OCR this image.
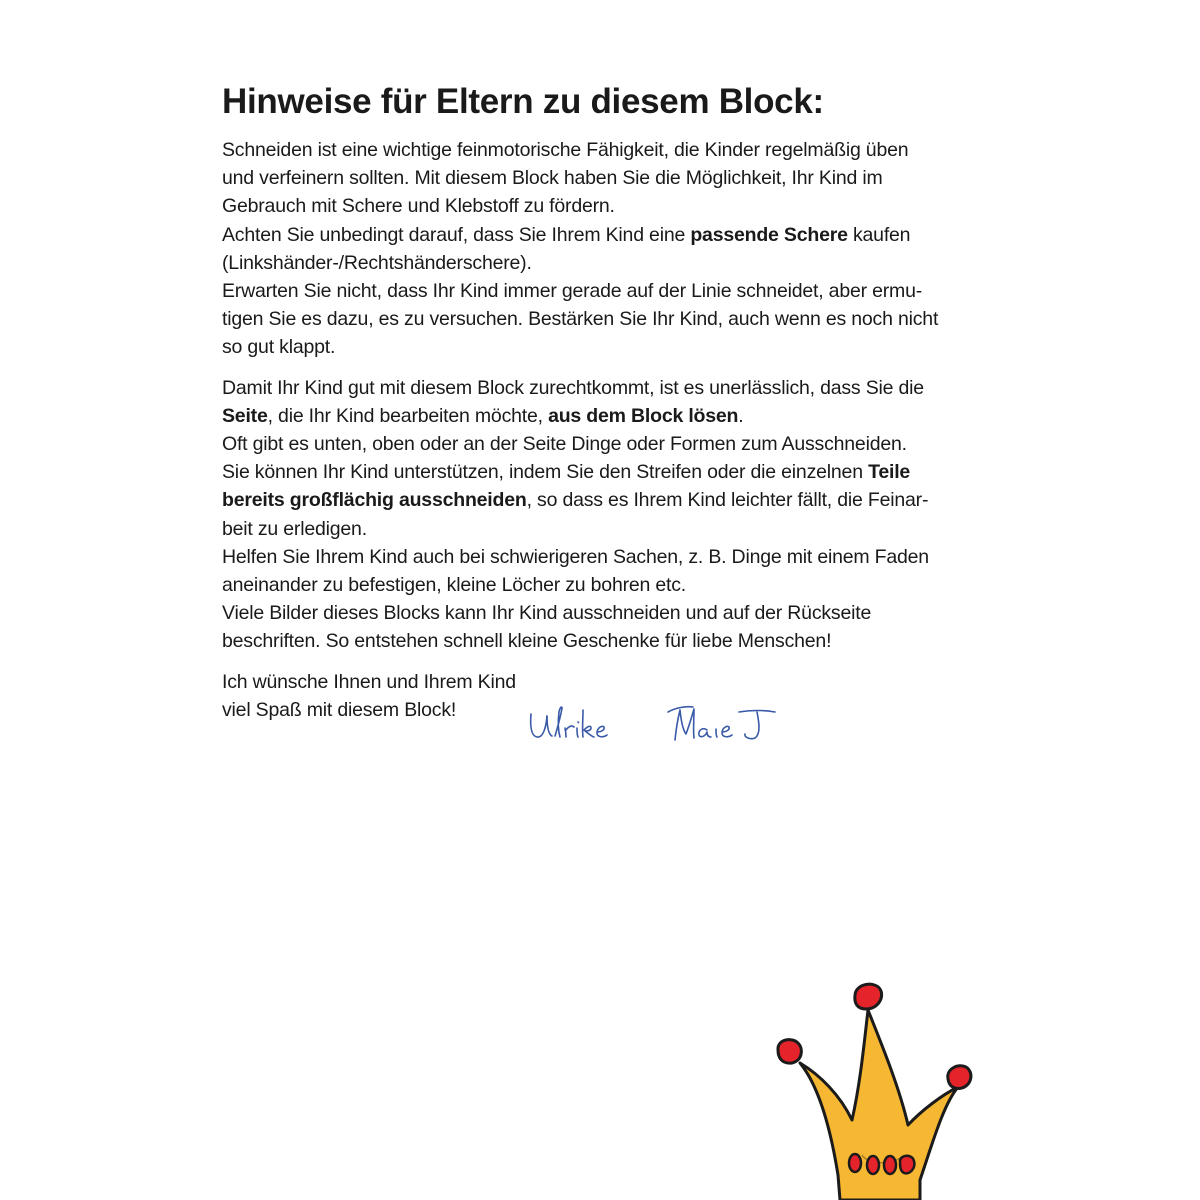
Hinweise für Eltern zu diesem Block:

Schneiden ist eine wichtige feinmotorische Fähigkeit, die Kinder regelmäßig üben
und verfeinern sollten. Mit diesem Block haben Sie die Möglichkeit, Ihr Kind im
Gebrauch mit Schere und Klebstoff zu fördern.
Achten Sie unbedingt darauf, dass Sie Ihrem Kind eine passende Schere kaufen
(Linkshänder-/Rechtshänderschere).
Erwarten Sie nicht, dass Ihr Kind immer gerade auf der Linie schneidet, aber ermu-
tigen Sie es dazu, es zu versuchen. Bestärken Sie Ihr Kind, auch wenn es noch nicht
so gut klappt.

Damit Ihr Kind gut mit diesem Block zurechtkommt, ist es unerlässlich, dass Sie die
Seite, die Ihr Kind bearbeiten möchte, aus dem Block lösen.
Oft gibt es unten, oben oder an der Seite Dinge oder Formen zum Ausschneiden.
Sie können Ihr Kind unterstützen, indem Sie den Streifen oder die einzelnen Teile
bereits großflächig ausschneiden, so dass es Ihrem Kind leichter fällt, die Feinar-
beit zu erledigen.
Helfen Sie Ihrem Kind auch bei schwierigeren Sachen, z. B. Dinge mit einem Faden
aneinander zu befestigen, kleine Löcher zu bohren etc.
Viele Bilder dieses Blocks kann Ihr Kind ausschneiden und auf der Rückseite
beschriften. So entstehen schnell kleine Geschenke für liebe Menschen!

Ich wünsche Ihnen und Ihrem Kind
viel Spaß mit diesem Block!
